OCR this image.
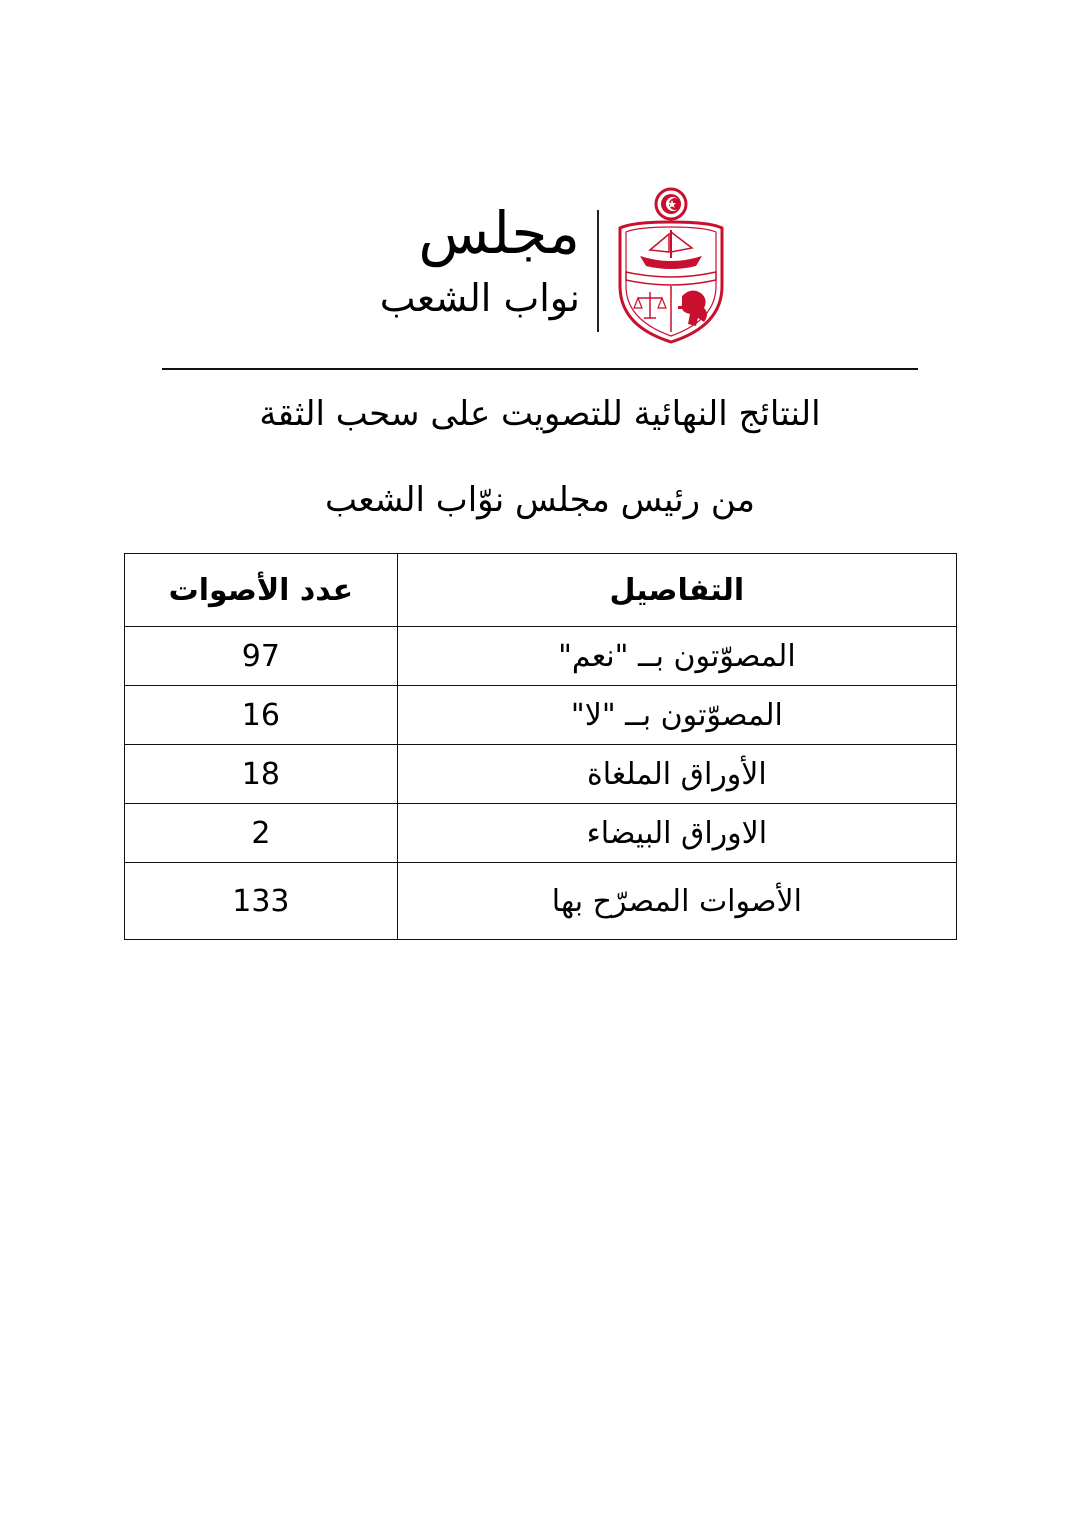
مجلس
نواب الشعب
النتائج النهائية للتصويت على سحب الثقة
من رئيس مجلس نوّاب الشعب
التفاصيل	عدد الأصوات
المصوّتون بــ "نعم"	97
المصوّتون بــ "لا"	16
الأوراق الملغاة	18
الاوراق البيضاء	2
الأصوات المصرّح بها	133
